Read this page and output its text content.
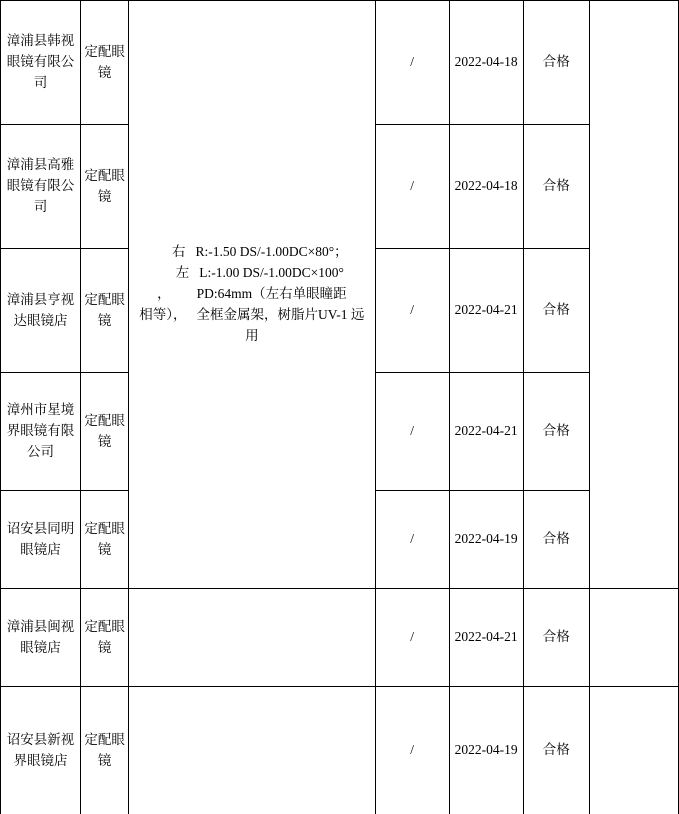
漳浦县韩视眼镜有限公司	定配眼镜	右 R:-1.50 DS/-1.00DC×80°；
左 L:-1.00 DS/-1.00DC×100°
， PD:64mm（左右单眼瞳距
相等）， 全框金属架，树脂片UV-1 远
用	/	2022-04-18	合格	
漳浦县高雅眼镜有限公司	定配眼镜		/	2022-04-18	合格	
漳浦县亨视达眼镜店	定配眼镜		/	2022-04-21	合格	
漳州市星境界眼镜有限公司	定配眼镜		/	2022-04-21	合格	
诏安县同明眼镜店	定配眼镜		/	2022-04-19	合格	
漳浦县闽视眼镜店	定配眼镜		/	2022-04-21	合格	
诏安县新视界眼镜店	定配眼镜		/	2022-04-19	合格	
